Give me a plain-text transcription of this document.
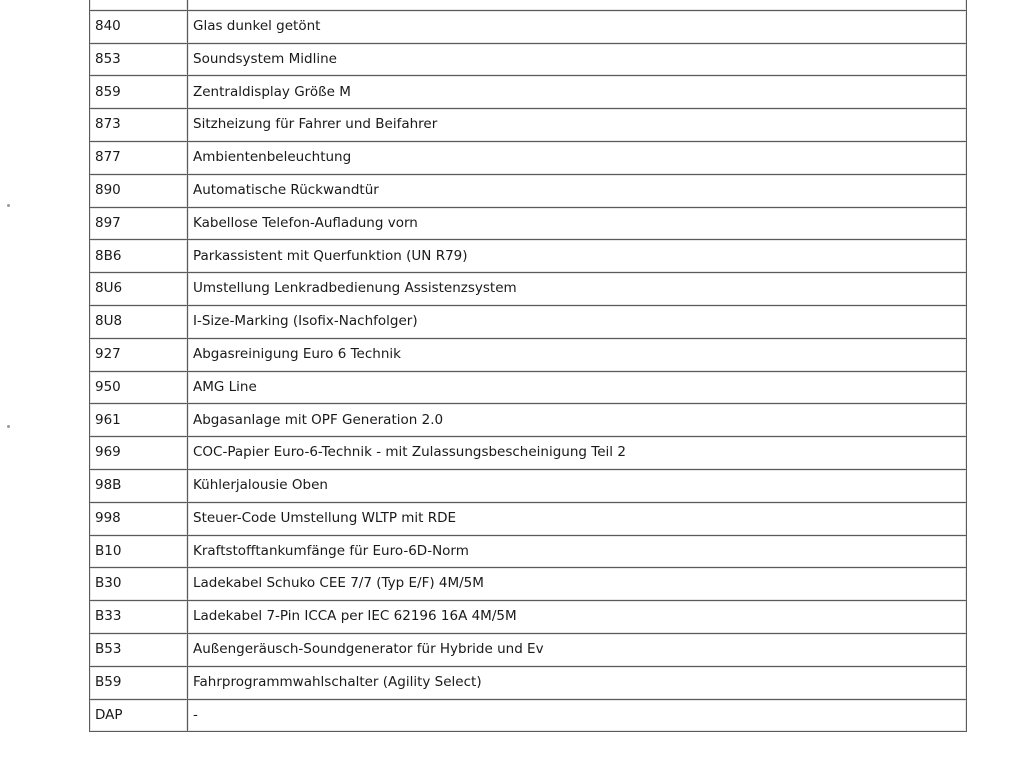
840	Glas dunkel getönt
853	Soundsystem Midline
859	Zentraldisplay Größe M
873	Sitzheizung für Fahrer und Beifahrer
877	Ambientenbeleuchtung
890	Automatische Rückwandtür
897	Kabellose Telefon-Aufladung vorn
8B6	Parkassistent mit Querfunktion (UN R79)
8U6	Umstellung Lenkradbedienung Assistenzsystem
8U8	I-Size-Marking (Isofix-Nachfolger)
927	Abgasreinigung Euro 6 Technik
950	AMG Line
961	Abgasanlage mit OPF Generation 2.0
969	COC-Papier Euro-6-Technik - mit Zulassungsbescheinigung Teil 2
98B	Kühlerjalousie Oben
998	Steuer-Code Umstellung WLTP mit RDE
B10	Kraftstofftankumfänge für Euro-6D-Norm
B30	Ladekabel Schuko CEE 7/7 (Typ E/F) 4M/5M
B33	Ladekabel 7-Pin ICCA per IEC 62196 16A 4M/5M
B53	Außengeräusch-Soundgenerator für Hybride und Ev
B59	Fahrprogrammwahlschalter (Agility Select)
DAP	-
